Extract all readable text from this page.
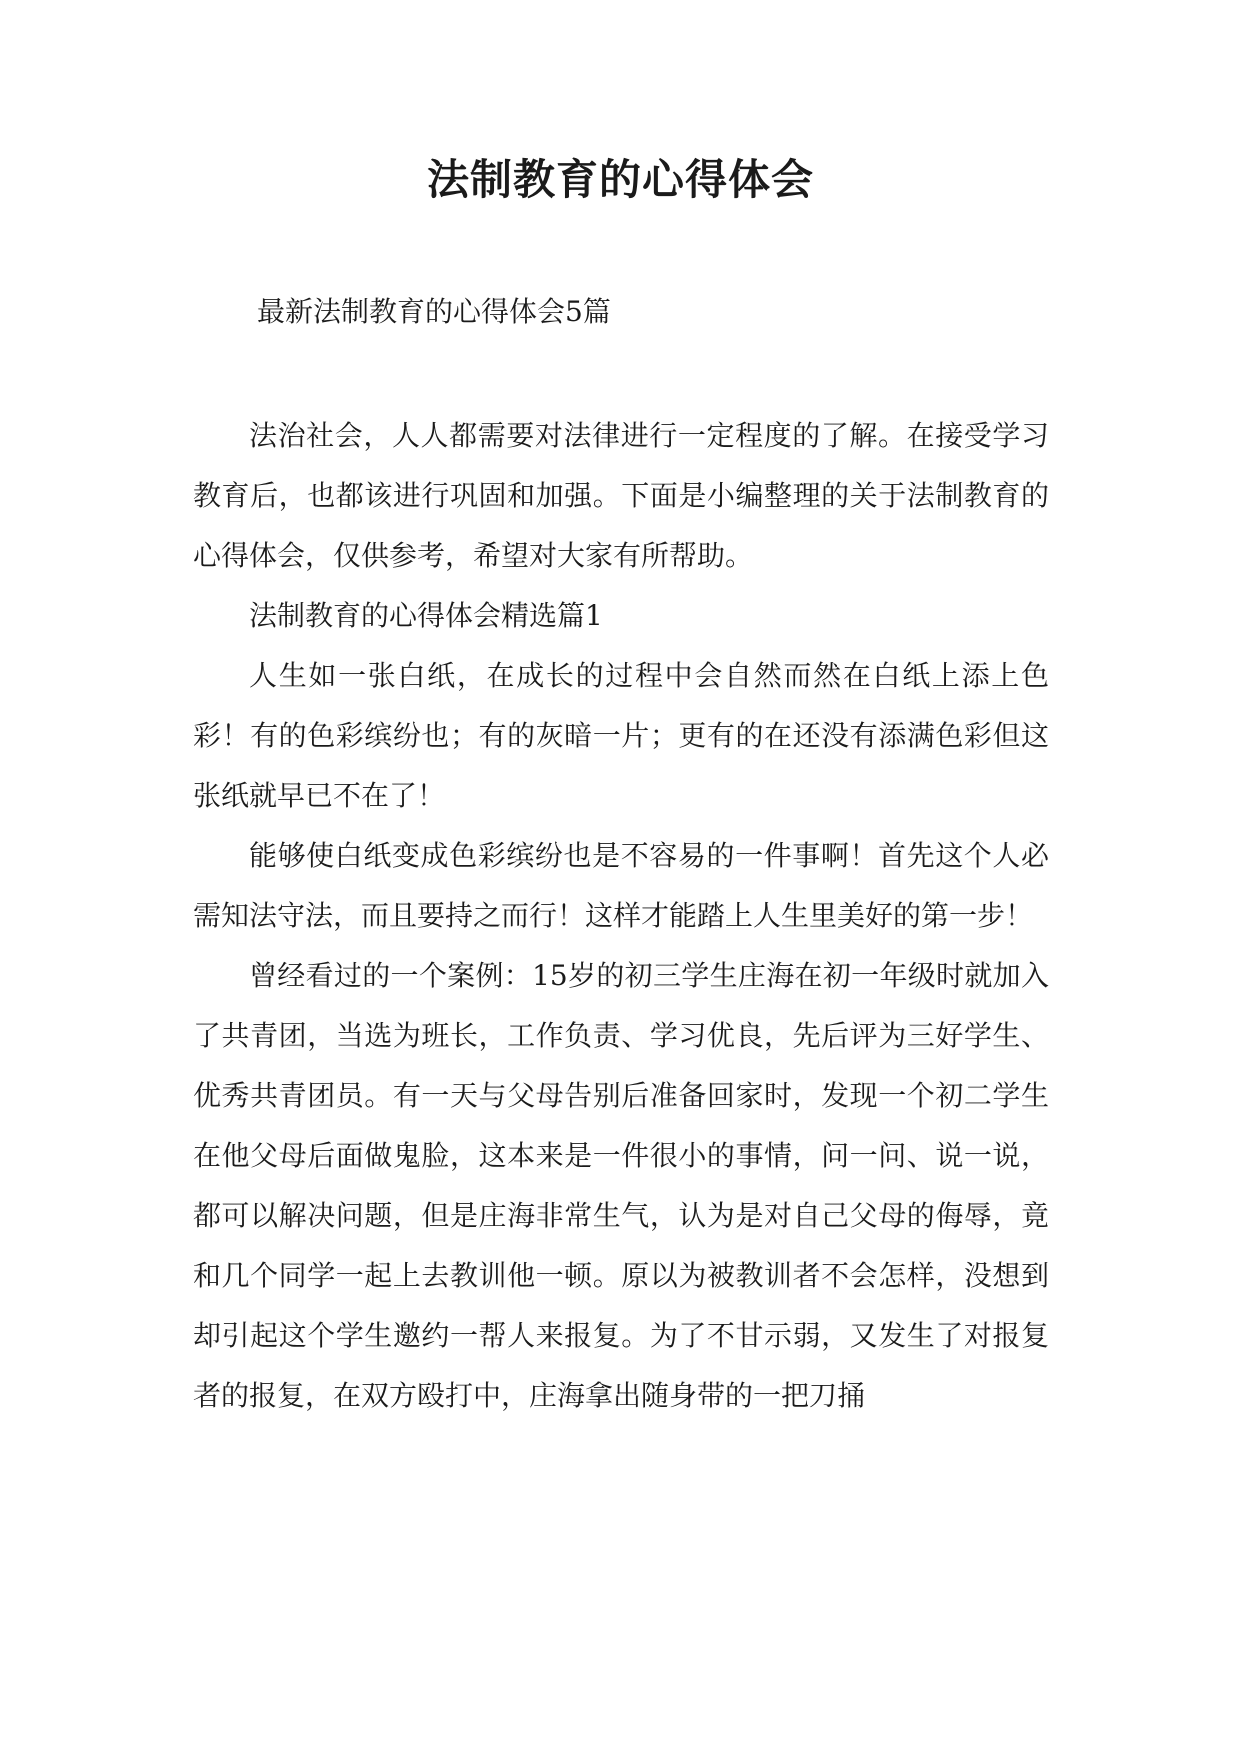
法制教育的心得体会
最新法制教育的心得体会5篇

法治社会，人人都需要对法律进行一定程度的了解。在接受学习教育后，也都该进行巩固和加强。下面是小编整理的关于法制教育的心得体会，仅供参考，希望对大家有所帮助。

法制教育的心得体会精选篇1

人生如一张白纸，在成长的过程中会自然而然在白纸上添上色彩！有的色彩缤纷也；有的灰暗一片；更有的在还没有添满色彩但这张纸就早已不在了！

能够使白纸变成色彩缤纷也是不容易的一件事啊！首先这个人必需知法守法，而且要持之而行！这样才能踏上人生里美好的第一步！

曾经看过的一个案例：15岁的初三学生庄海在初一年级时就加入了共青团，当选为班长，工作负责、学习优良，先后评为三好学生、优秀共青团员。有一天与父母告别后准备回家时，发现一个初二学生在他父母后面做鬼脸，这本来是一件很小的事情，问一问、说一说，都可以解决问题，但是庄海非常生气，认为是对自己父母的侮辱，竟和几个同学一起上去教训他一顿。原以为被教训者不会怎样，没想到却引起这个学生邀约一帮人来报复。为了不甘示弱，又发生了对报复者的报复，在双方殴打中，庄海拿出随身带的一把刀捅
